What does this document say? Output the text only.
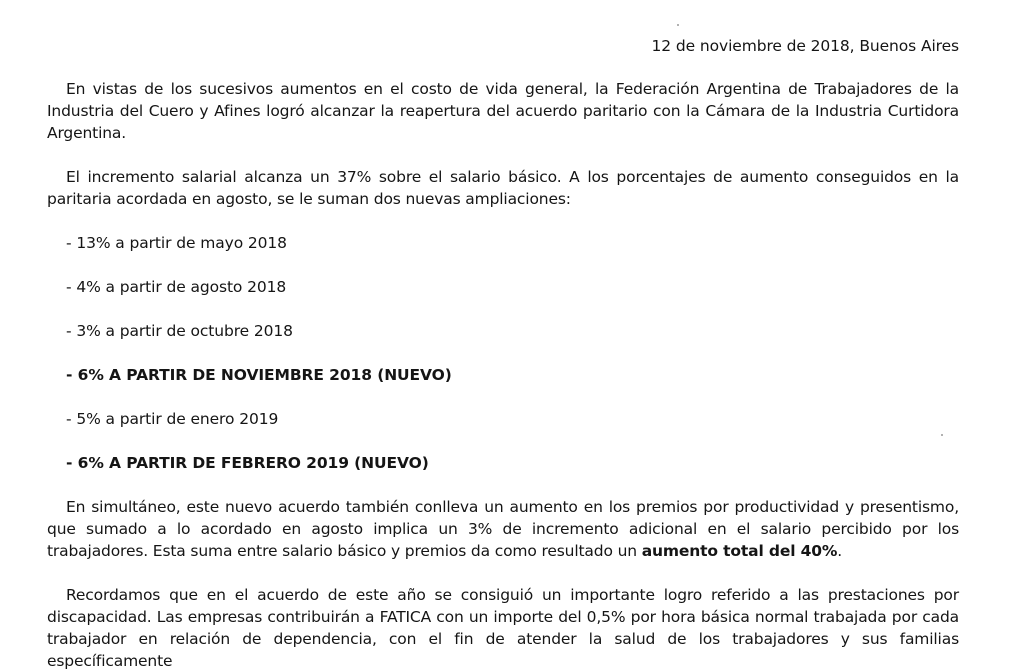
12 de noviembre de 2018, Buenos Aires

En vistas de los sucesivos aumentos en el costo de vida general, la Federación Argentina de Trabajadores de la Industria del Cuero y Afines logró alcanzar la reapertura del acuerdo paritario con la Cámara de la Industria Curtidora Argentina.

El incremento salarial alcanza un 37% sobre el salario básico. A los porcentajes de aumento conseguidos en la paritaria acordada en agosto, se le suman dos nuevas ampliaciones:

- 13% a partir de mayo 2018
- 4% a partir de agosto 2018
- 3% a partir de octubre 2018
- 6% A PARTIR DE NOVIEMBRE 2018 (NUEVO)
- 5% a partir de enero 2019
- 6% A PARTIR DE FEBRERO 2019 (NUEVO)

En simultáneo, este nuevo acuerdo también conlleva un aumento en los premios por productividad y presentismo, que sumado a lo acordado en agosto implica un 3% de incremento adicional en el salario percibido por los trabajadores. Esta suma entre salario básico y premios da como resultado un aumento total del 40%.

Recordamos que en el acuerdo de este año se consiguió un importante logro referido a las prestaciones por discapacidad. Las empresas contribuirán a FATICA con un importe del 0,5% por hora básica normal trabajada por cada trabajador en relación de dependencia, con el fin de atender la salud de los trabajadores y sus familias específicamente
